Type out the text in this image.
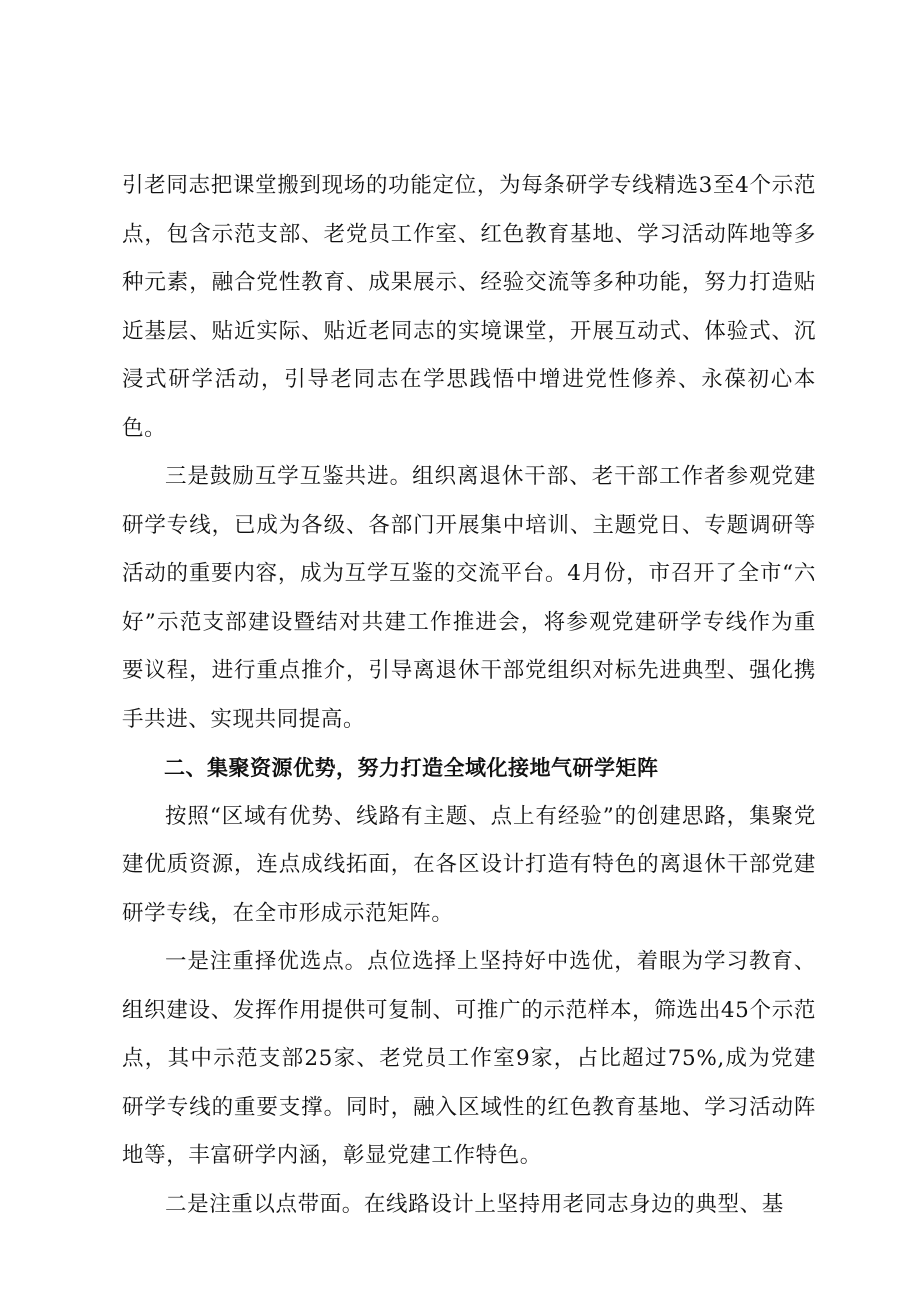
引老同志把课堂搬到现场的功能定位，为每条研学专线精选3至4个示范点，包含示范支部、老党员工作室、红色教育基地、学习活动阵地等多种元素，融合党性教育、成果展示、经验交流等多种功能，努力打造贴近基层、贴近实际、贴近老同志的实境课堂，开展互动式、体验式、沉浸式研学活动，引导老同志在学思践悟中增进党性修养、永葆初心本色。

三是鼓励互学互鉴共进。组织离退休干部、老干部工作者参观党建研学专线，已成为各级、各部门开展集中培训、主题党日、专题调研等活动的重要内容，成为互学互鉴的交流平台。4月份，市召开了全市“六好”示范支部建设暨结对共建工作推进会，将参观党建研学专线作为重要议程，进行重点推介，引导离退休干部党组织对标先进典型、强化携手共进、实现共同提高。

二、集聚资源优势，努力打造全域化接地气研学矩阵

按照“区域有优势、线路有主题、点上有经验”的创建思路，集聚党建优质资源，连点成线拓面，在各区设计打造有特色的离退休干部党建研学专线，在全市形成示范矩阵。

一是注重择优选点。点位选择上坚持好中选优，着眼为学习教育、组织建设、发挥作用提供可复制、可推广的示范样本，筛选出45个示范点，其中示范支部25家、老党员工作室9家，占比超过75%,成为党建研学专线的重要支撑。同时，融入区域性的红色教育基地、学习活动阵地等，丰富研学内涵，彰显党建工作特色。

二是注重以点带面。在线路设计上坚持用老同志身边的典型、基
